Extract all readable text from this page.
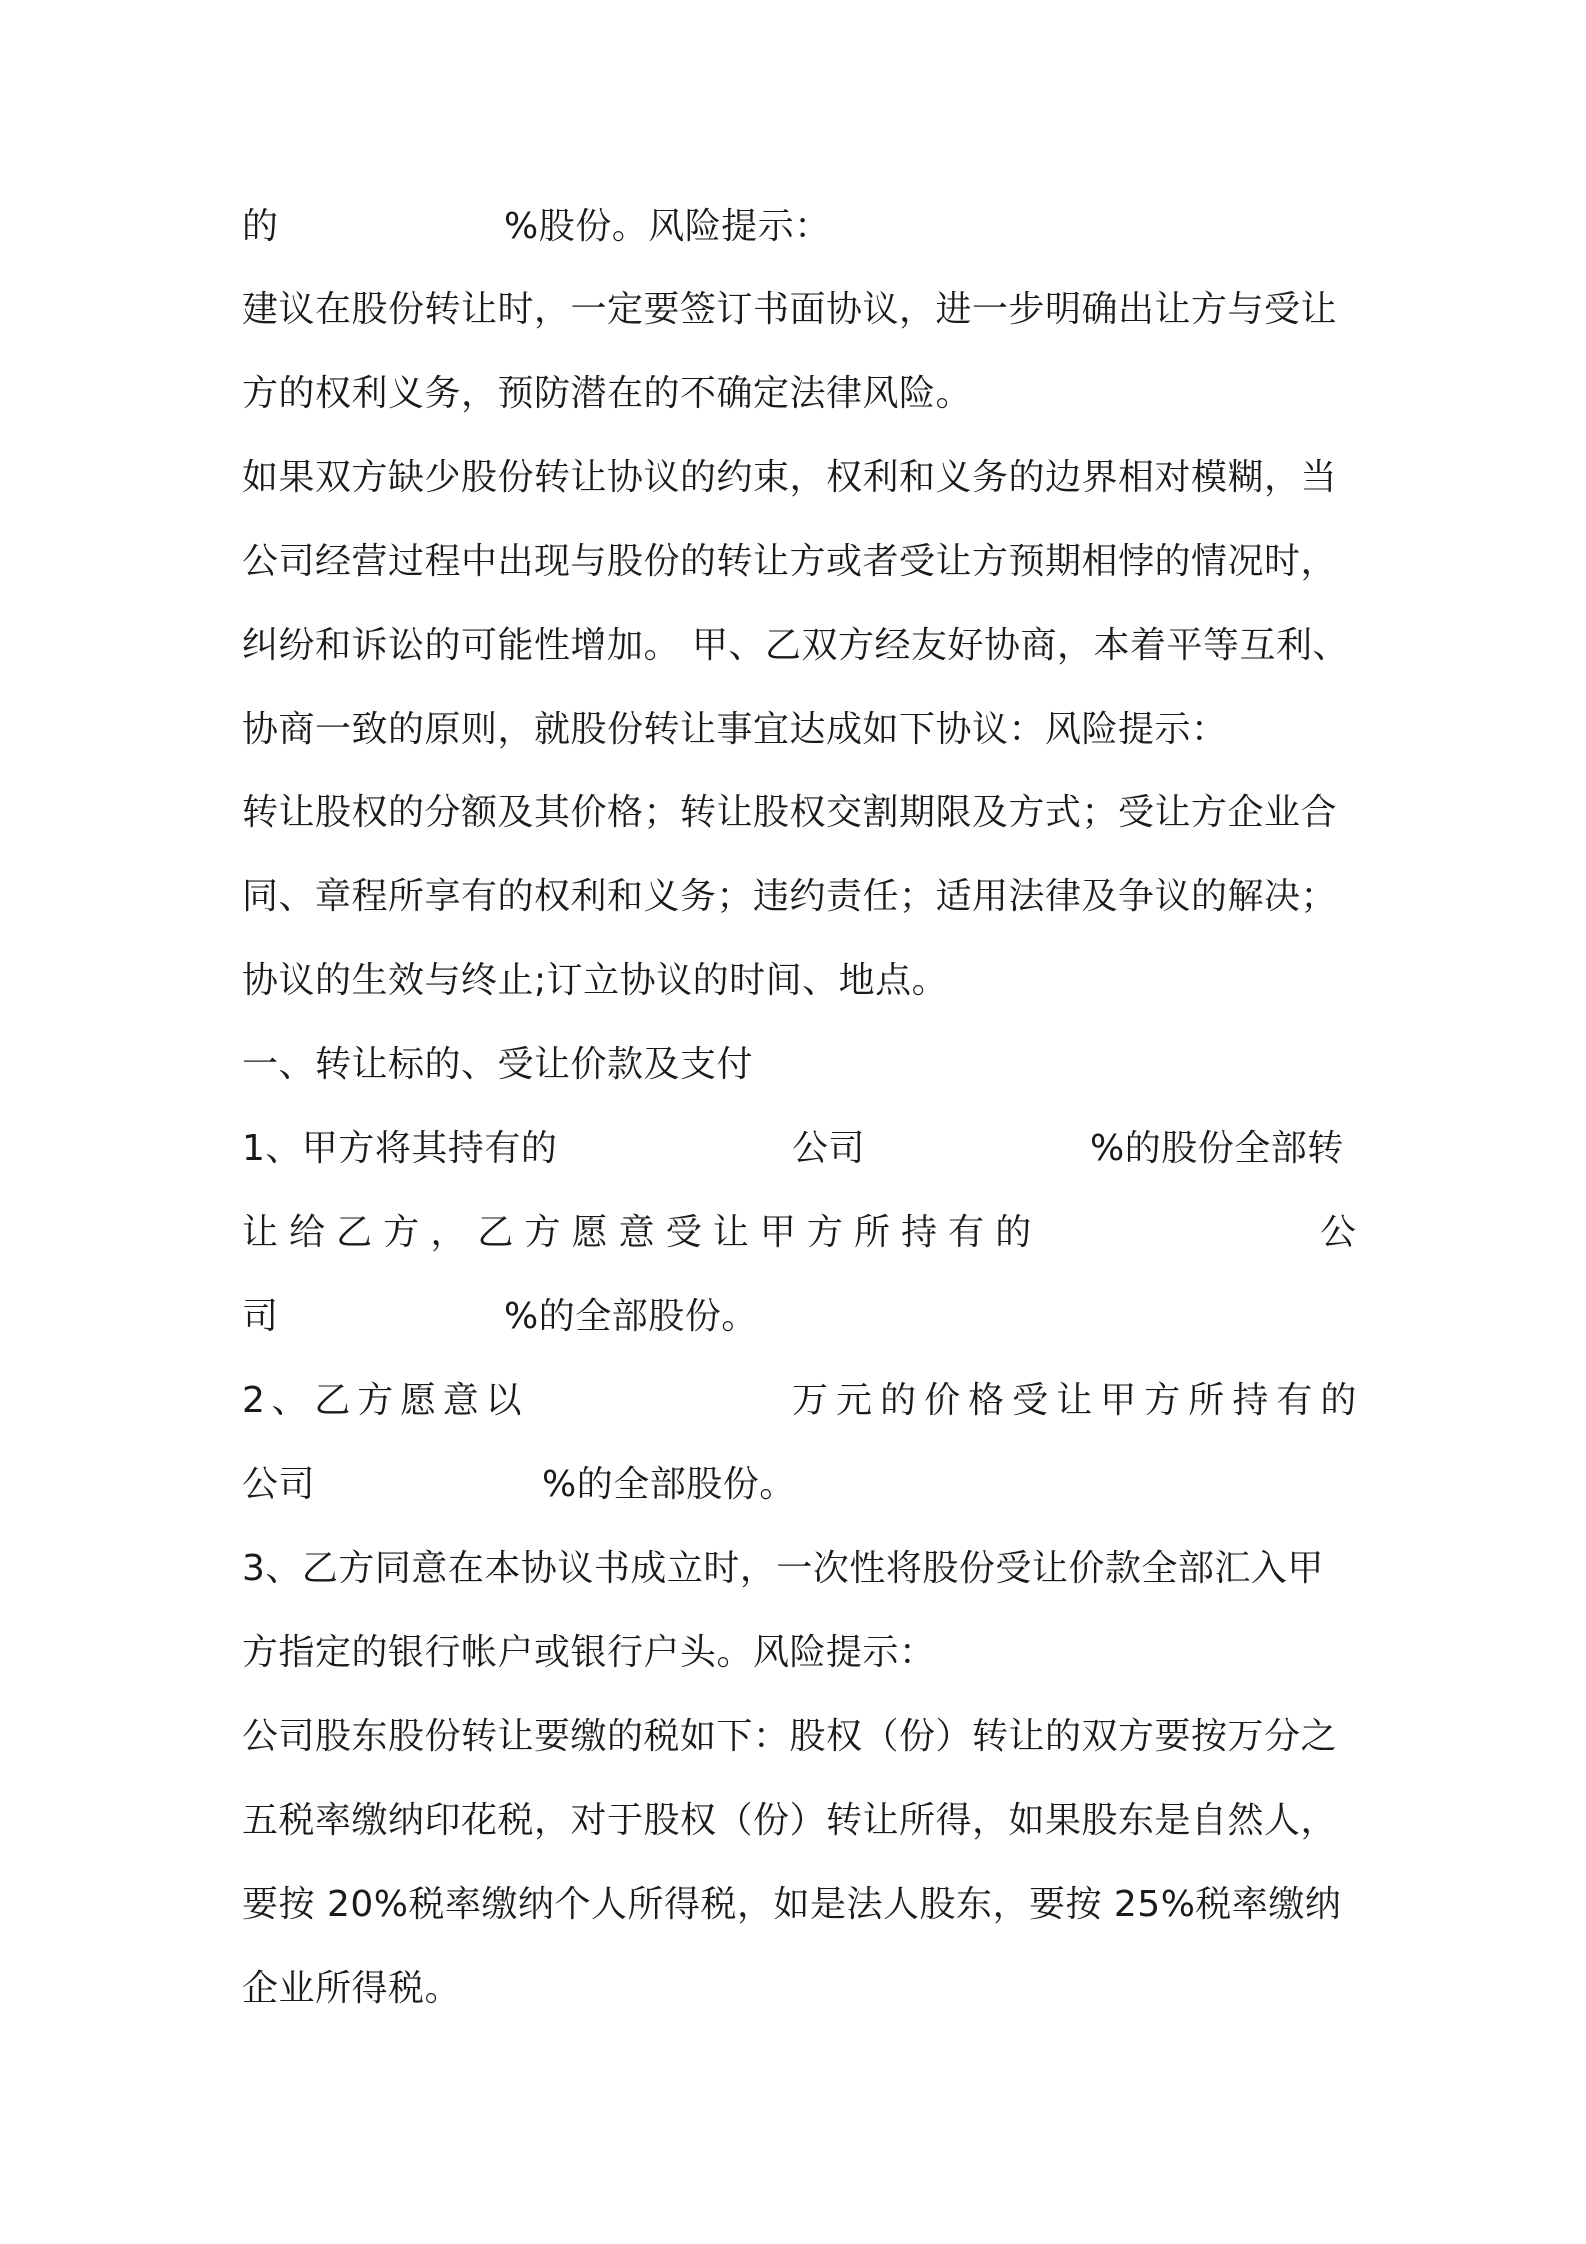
的	%股份。风险提示：
建议在股份转让时，一定要签订书面协议，进一步明确出让方与受让
方的权利义务，预防潜在的不确定法律风险。
如果双方缺少股份转让协议的约束，权利和义务的边界相对模糊，当
公司经营过程中出现与股份的转让方或者受让方预期相悖的情况时，
纠纷和诉讼的可能性增加。 甲、乙双方经友好协商，本着平等互利、
协商一致的原则，就股份转让事宜达成如下协议：风险提示：
转让股权的分额及其价格；转让股权交割期限及方式；受让方企业合
同、章程所享有的权利和义务；违约责任；适用法律及争议的解决；
协议的生效与终止;订立协议的时间、地点。
一、转让标的、受让价款及支付
1、甲方将其持有的	公司	%的股份全部转
让 给 乙 方 ， 乙 方 愿 意 受 让 甲 方 所 持 有 的	公
司	%的全部股份。
2 、 乙 方 愿 意 以	万 元 的 价 格 受 让 甲 方 所 持 有 的
公司	%的全部股份。
3、乙方同意在本协议书成立时，一次性将股份受让价款全部汇入甲
方指定的银行帐户或银行户头。风险提示：
公司股东股份转让要缴的税如下：股权（份）转让的双方要按万分之
五税率缴纳印花税，对于股权（份）转让所得，如果股东是自然人，
要按 20%税率缴纳个人所得税，如是法人股东，要按 25%税率缴纳
企业所得税。
